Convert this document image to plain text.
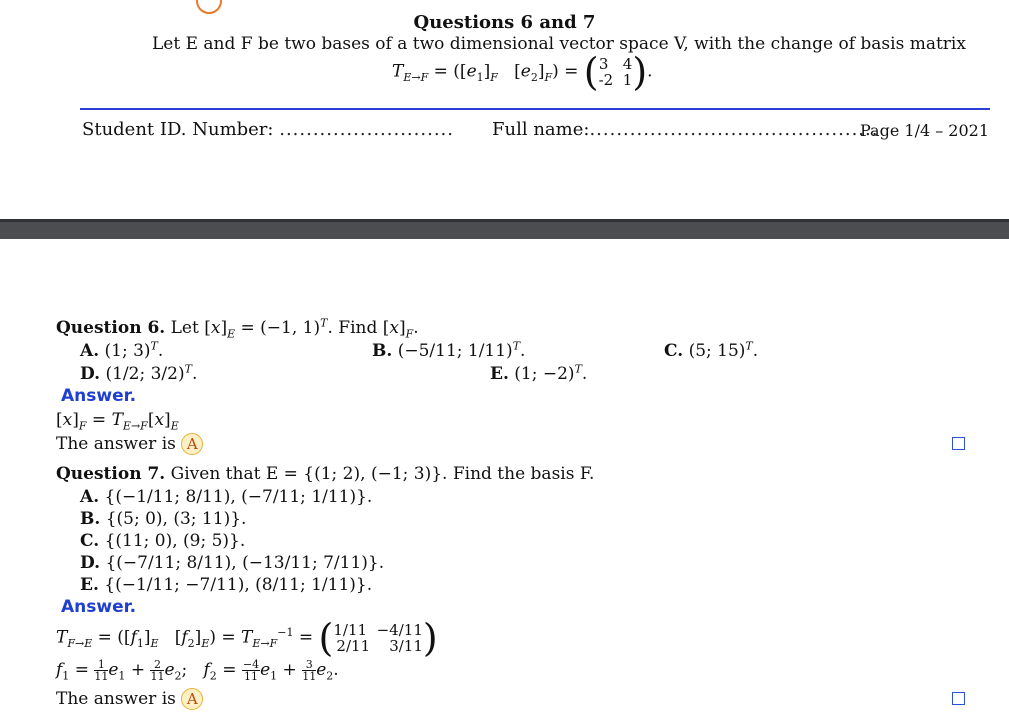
Questions 6 and 7
Let E and F be two bases of a two dimensional vector space V, with the change of basis matrix
$T_{E\to F} = ([e_1]_F$   $[e_2]_F) = (3$ 4
-2 1).
Student ID. Number: .......................... Full name:...........................................
Page 1/4 – 2021
Question 6. Let $[x]_E = (-1$, 1)$^T$. Find $[x]_F$.
A. (1; 3)$^T$.	B. (−5/11; 1/11)$^T$.	C. (5; 15)$^T$.
D. (1/2; 3/2)$^T$.	E. (1; −2)$^T$.
Answer.
$[x]_F = T_{E\to F}[x]_E$
The answer is A
Question 7. Given that E = {(1; 2), (−1; 3)}. Find the basis F.
A. {(−1/11; 8/11), (−7/11; 1/11)}.
B. {(5; 0), (3; 11)}.
C. {(11; 0), (9; 5)}.
D. {(−7/11; 8/11), (−13/11; 7/11)}.
E. {(−1/11; −7/11), (8/11; 1/11)}.
Answer.
$T_{F\to E} = ([f_1]_E$   $[f_2]_E) = T_{E\to F}^{-1} = (1/11 -4/11$
2/11 3/11)
$f_1 = \frac{1}{11} e_1 + \frac{2}{11} e_2$;   $f_2 = \frac{-4}{11} e_1 + \frac{3}{11} e_2$.
The answer is A
